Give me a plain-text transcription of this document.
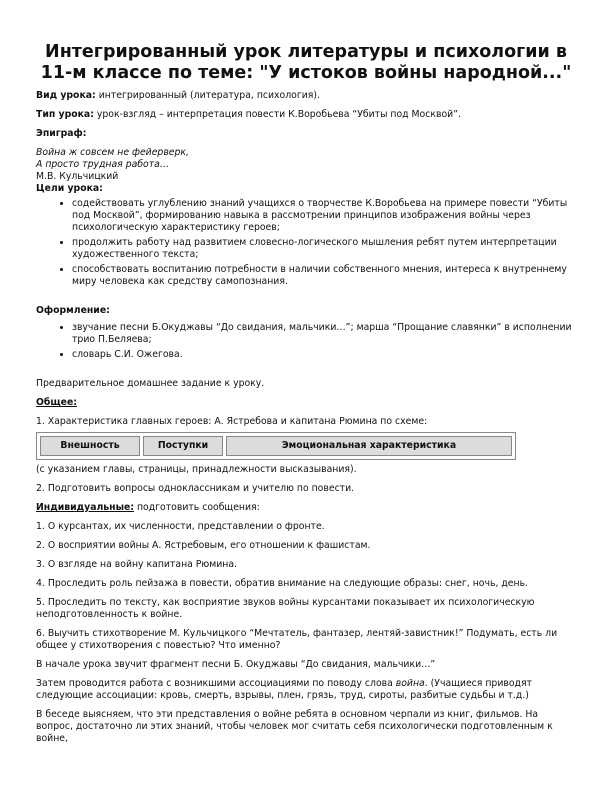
Интегрированный урок литературы и психологии в 11-м классе по теме: "У истоков войны народной..."

Вид урока: интегрированный (литература, психология).

Тип урока: урок-взгляд – интерпретация повести К.Воробьева “Убиты под Москвой”.

Эпиграф:

Война ж совсем не фейерверк,

А просто трудная работа…

М.В. Кульчицкий

Цели урока:

• содействовать углублению знаний учащихся о творчестве К.Воробьева на примере повести “Убиты под Москвой”, формированию навыка в рассмотрении принципов изображения войны через психологическую характеристику героев;
• продолжить работу над развитием словесно-логического мышления ребят путем интерпретации художественного текста;
• способствовать воспитанию потребности в наличии собственного мнения, интереса к внутреннему миру человека как средству самопознания.

Оформление:

• звучание песни Б.Окуджавы “До свидания, мальчики…”; марша “Прощание славянки” в исполнении трио П.Беляева;
• словарь С.И. Ожегова.

Предварительное домашнее задание к уроку.

Общее:

1. Характеристика главных героев: А. Ястребова и капитана Рюмина по схеме:

Внешность	Поступки	Эмоциональная характеристика

(с указанием главы, страницы, принадлежности высказывания).

2. Подготовить вопросы одноклассникам и учителю по повести.

Индивидуальные: подготовить сообщения:

1. О курсантах, их численности, представлении о фронте.

2. О восприятии войны А. Ястребовым, его отношении к фашистам.

3. О взгляде на войну капитана Рюмина.

4. Проследить роль пейзажа в повести, обратив внимание на следующие образы: снег, ночь, день.

5. Проследить по тексту, как восприятие звуков войны курсантами показывает их психологическую неподготовленность к войне.

6. Выучить стихотворение М. Кульчицкого “Мечтатель, фантазер, лентяй-завистник!” Подумать, есть ли общее у стихотворения с повестью? Что именно?

В начале урока звучит фрагмент песни Б. Окуджавы “До свидания, мальчики…”

Затем проводится работа с возникшими ассоциациями по поводу слова война. (Учащиеся приводят следующие ассоциации: кровь, смерть, взрывы, плен, грязь, труд, сироты, разбитые судьбы и т.д.)

В беседе выясняем, что эти представления о войне ребята в основном черпали из книг, фильмов. На вопрос, достаточно ли этих знаний, чтобы человек мог считать себя психологически подготовленным к войне,
